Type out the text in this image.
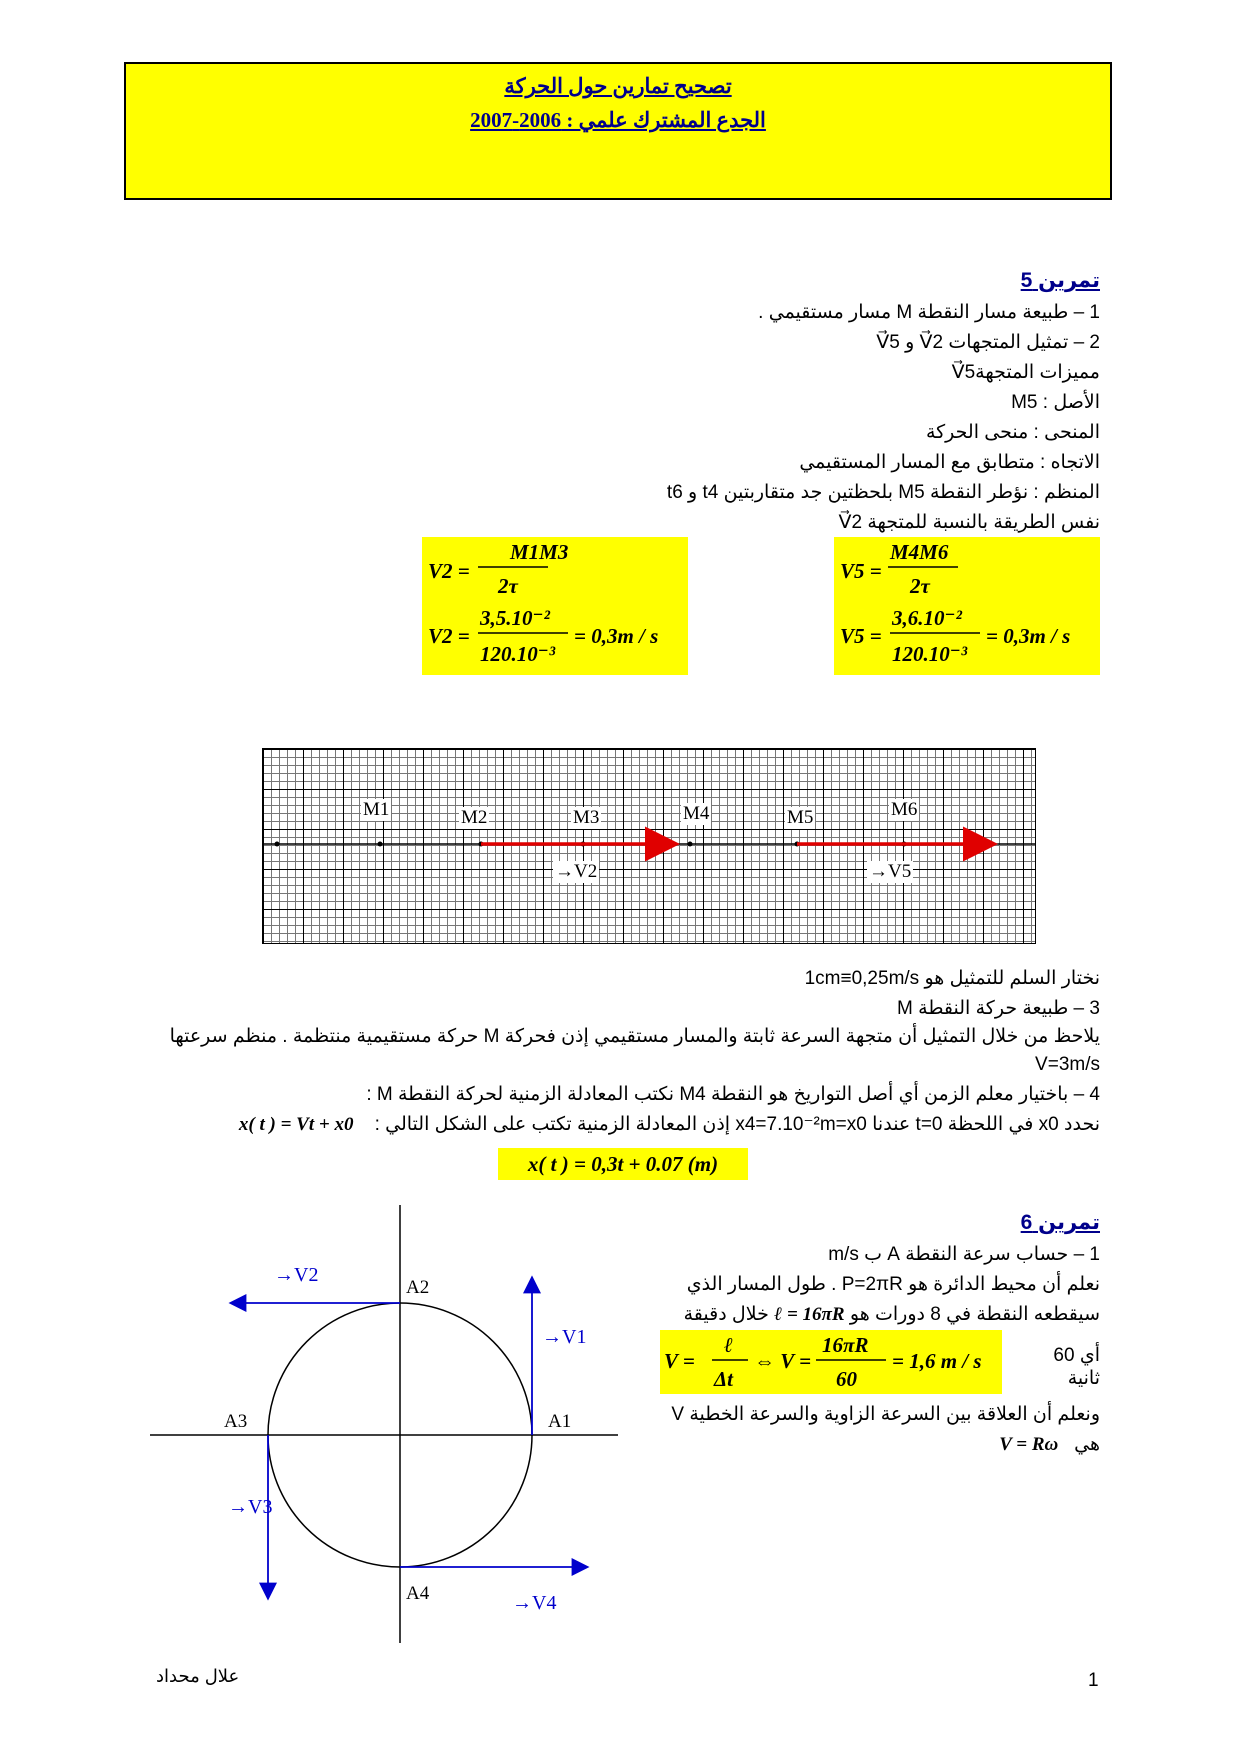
تصحيح تمارين حول الحركة
الجدع المشترك علمي : 2006-2007
تمرين 5
1 – طبيعة مسار النقطة M مسار مستقيمي .
2 – تمثيل المتجهات V⃗2 و V⃗5
مميزات المتجهةV⃗5
الأصل : M5
المنحى : منحى الحركة
الاتجاه : متطابق مع المسار المستقيمي
المنظم : نؤطر النقطة M5 بلحظتين جد متقاربتين t4 و t6
نفس الطريقة بالنسبة للمتجهة V⃗2
V2 =
M1M3
2τ
V2 =
3,5.10⁻²
120.10⁻³
= 0,3m / s
V5 =
M4M6
2τ
V5 =
3,6.10⁻²
120.10⁻³
= 0,3m / s
M1	M2	M3	M4	M5	M6
→V2	→V5
نختار السلم للتمثيل هو 1cm≡0,25m/s
3 – طبيعة حركة النقطة M
يلاحظ من خلال التمثيل أن متجهة السرعة ثابتة والمسار مستقيمي إذن فحركة M حركة مستقيمية منتظمة . منظم سرعتها
V=3m/s
4 – باختيار معلم الزمن أي أصل التواريخ هو النقطة M4 نكتب المعادلة الزمنية لحركة النقطة M :
نحدد x0 في اللحظة t=0 عندنا x4=7.10⁻²m=x0 إذن المعادلة الزمنية تكتب على الشكل التالي :    x( t ) = Vt + x0
x( t ) = 0,3t + 0.07 (m)
تمرين 6
1 – حساب سرعة النقطة A ب m/s
نعلم أن محيط الدائرة هو P=2πR . طول المسار الذي
سيقطعه النقطة في 8 دورات هو ℓ = 16πR خلال دقيقة
أي 60 ثانية
V =
ℓ
Δt
⇔ V =
16πR
60
= 1,6 m / s
ونعلم أن العلاقة بين السرعة الزاوية والسرعة الخطية V
هي   V = Rω
A1
A2
A3
A4
→V1
→V2
→V3
→V4
1
علال محداد
